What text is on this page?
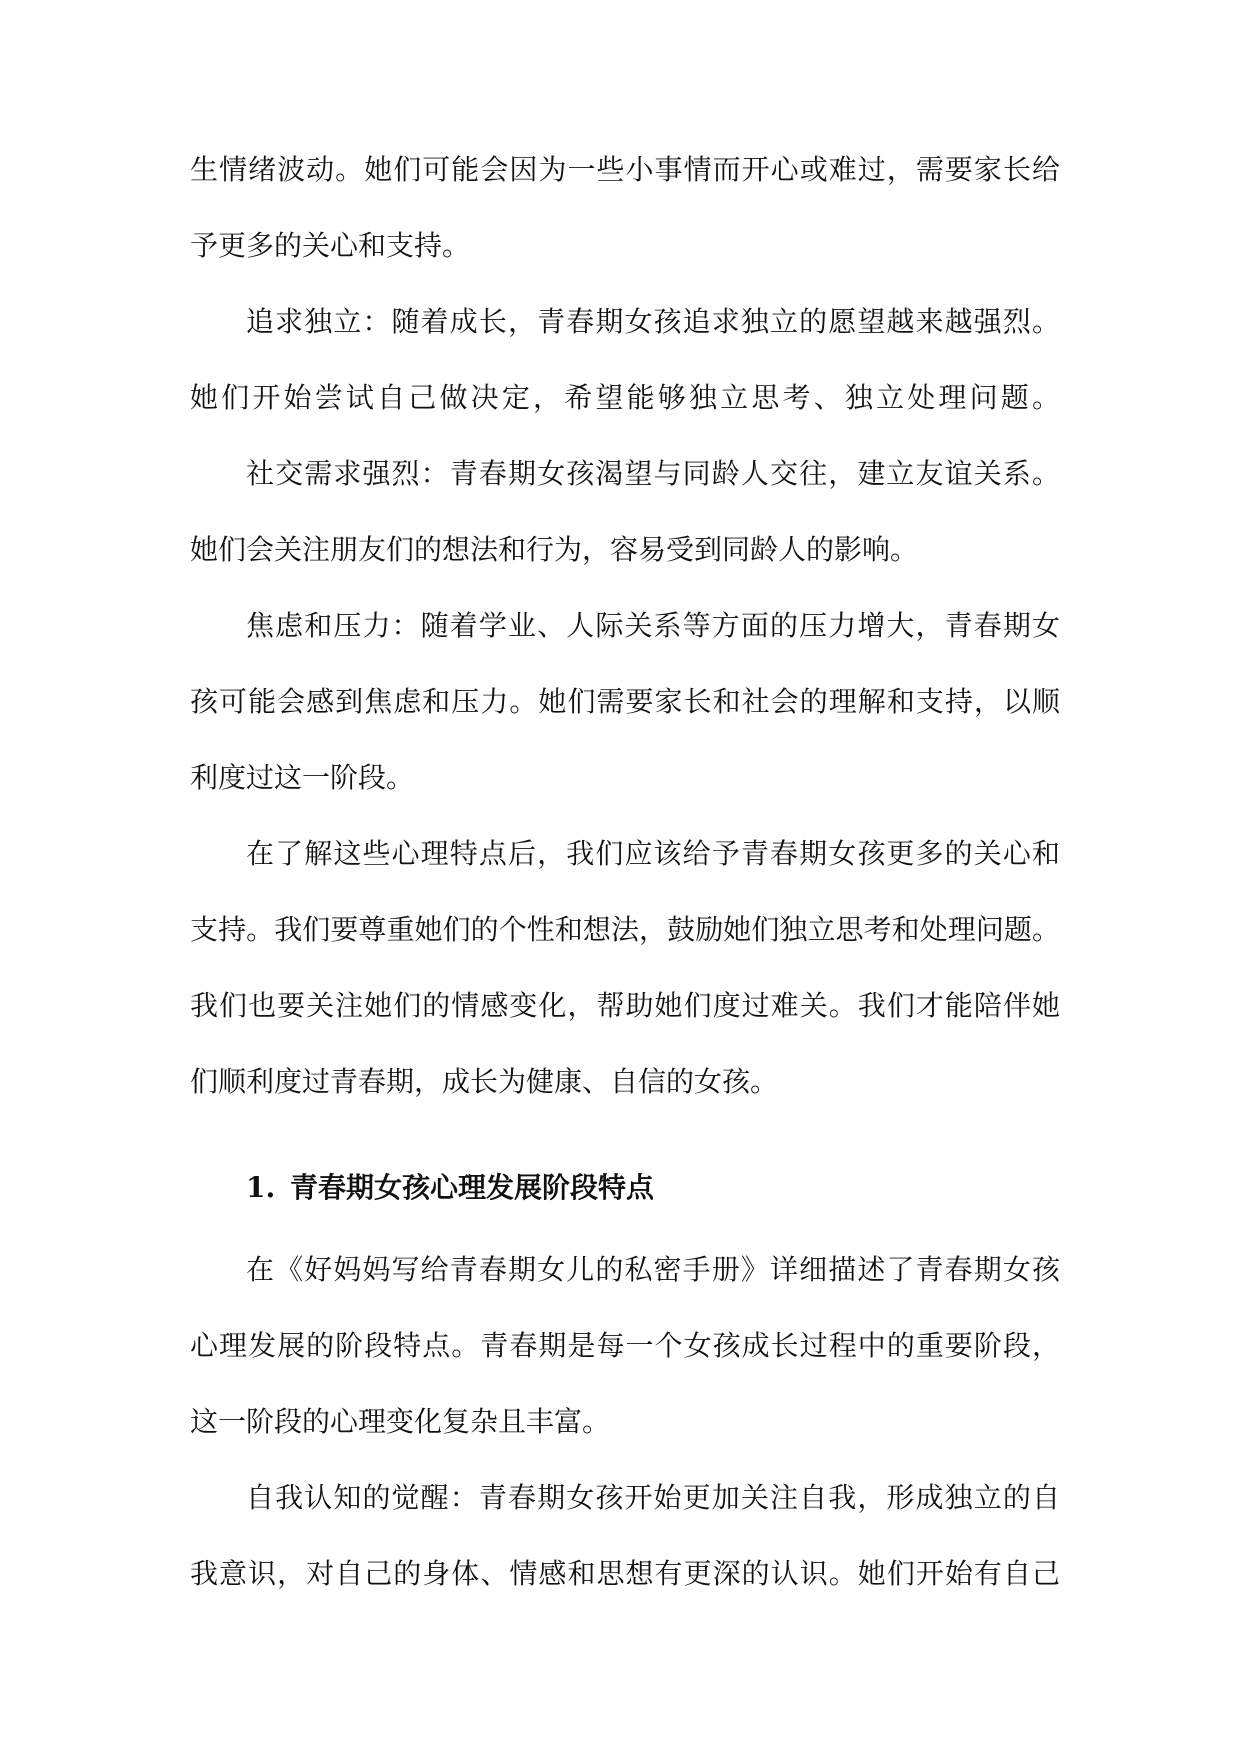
生情绪波动。她们可能会因为一些小事情而开心或难过，需要家长给
予更多的关心和支持。
追求独立：随着成长，青春期女孩追求独立的愿望越来越强烈。
她们开始尝试自己做决定，希望能够独立思考、独立处理问题。
社交需求强烈：青春期女孩渴望与同龄人交往，建立友谊关系。
她们会关注朋友们的想法和行为，容易受到同龄人的影响。
焦虑和压力：随着学业、人际关系等方面的压力增大，青春期女
孩可能会感到焦虑和压力。她们需要家长和社会的理解和支持，以顺
利度过这一阶段。
在了解这些心理特点后，我们应该给予青春期女孩更多的关心和
支持。我们要尊重她们的个性和想法，鼓励她们独立思考和处理问题。
我们也要关注她们的情感变化，帮助她们度过难关。我们才能陪伴她
们顺利度过青春期，成长为健康、自信的女孩。
1. 青春期女孩心理发展阶段特点
在《好妈妈写给青春期女儿的私密手册》详细描述了青春期女孩
心理发展的阶段特点。青春期是每一个女孩成长过程中的重要阶段，
这一阶段的心理变化复杂且丰富。
自我认知的觉醒：青春期女孩开始更加关注自我，形成独立的自
我意识，对自己的身体、情感和思想有更深的认识。她们开始有自己
